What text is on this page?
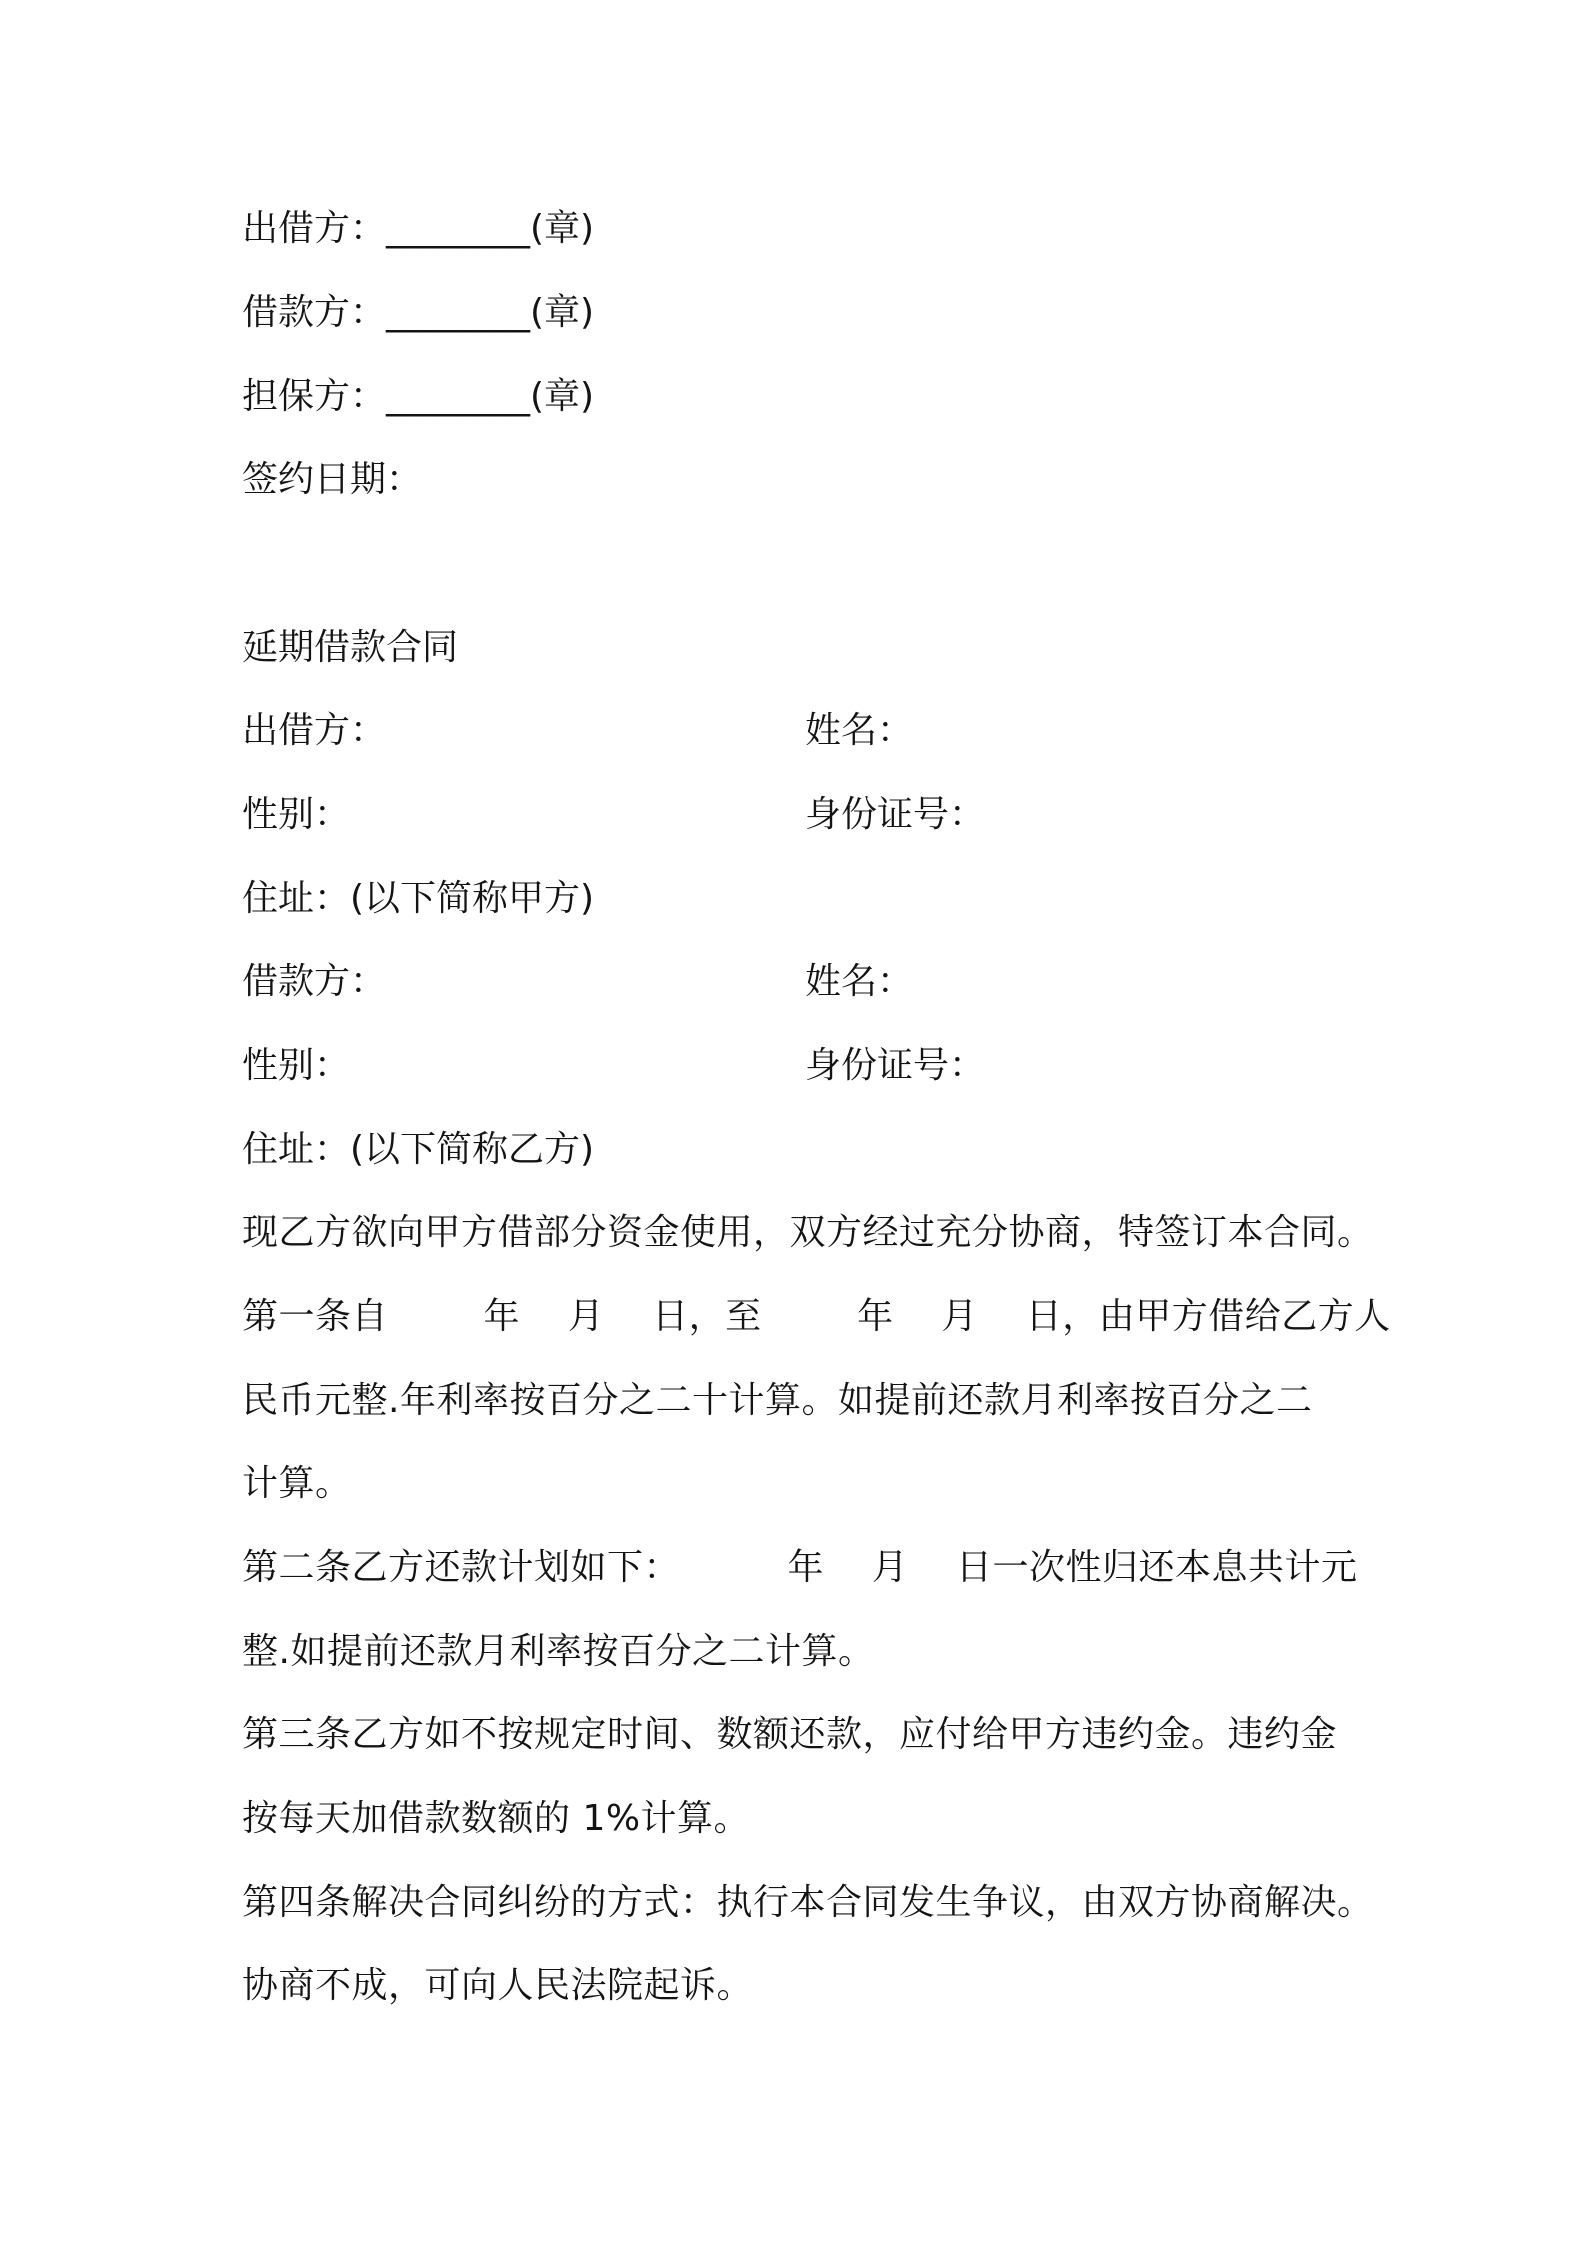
出借方：________(章)
借款方：________(章)
担保方：________(章)
签约日期：
延期借款合同
出借方：	姓名：
性别：	身份证号：
住址：(以下简称甲方)
借款方：	姓名：
性别：	身份证号：
住址：(以下简称乙方)
现乙方欲向甲方借部分资金使用，双方经过充分协商，特签订本合同。
第一条自        年    月    日，至        年    月    日，由甲方借给乙方人
民币元整.年利率按百分之二十计算。如提前还款月利率按百分之二
计算。
第二条乙方还款计划如下：         年    月    日一次性归还本息共计元
整.如提前还款月利率按百分之二计算。
第三条乙方如不按规定时间、数额还款，应付给甲方违约金。违约金
按每天加借款数额的 1%计算。
第四条解决合同纠纷的方式：执行本合同发生争议，由双方协商解决。
协商不成，可向人民法院起诉。
